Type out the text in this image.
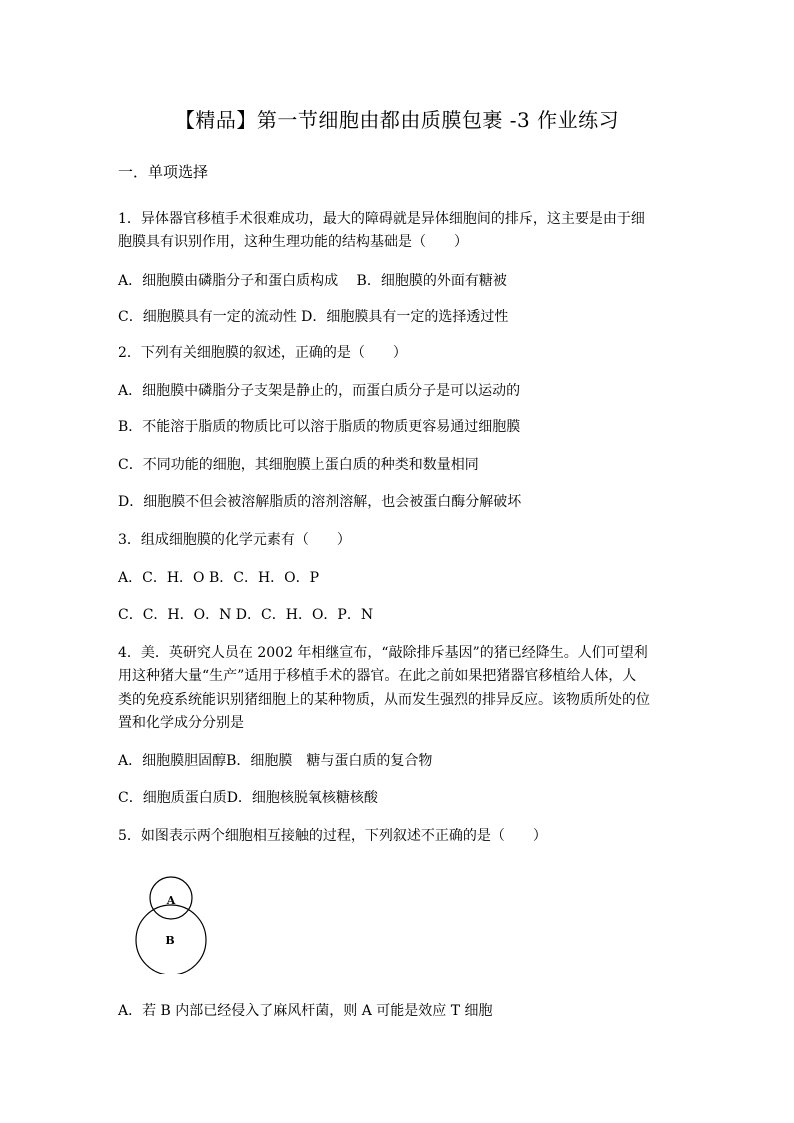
【精品】第一节细胞由都由质膜包裹 -3 作业练习
一．单项选择
1．异体器官移植手术很难成功，最大的障碍就是异体细胞间的排斥，这主要是由于细
胞膜具有识别作用，这种生理功能的结构基础是（　　）
A．细胞膜由磷脂分子和蛋白质构成　 B．细胞膜的外面有糖被
C．细胞膜具有一定的流动性 D．细胞膜具有一定的选择透过性
2．下列有关细胞膜的叙述，正确的是（　　）
A．细胞膜中磷脂分子支架是静止的，而蛋白质分子是可以运动的
B．不能溶于脂质的物质比可以溶于脂质的物质更容易通过细胞膜
C．不同功能的细胞，其细胞膜上蛋白质的种类和数量相同
D．细胞膜不但会被溶解脂质的溶剂溶解，也会被蛋白酶分解破坏
3．组成细胞膜的化学元素有（　　）
A．C．H．O B．C．H．O．P
C．C．H．O．N D．C．H．O．P．N
4．美．英研究人员在 2002 年相继宣布，“敲除排斥基因”的猪已经降生。人们可望利
用这种猪大量“生产”适用于移植手术的器官。在此之前如果把猪器官移植给人体，人
类的免疫系统能识别猪细胞上的某种物质，从而发生强烈的排异反应。该物质所处的位
置和化学成分分别是
A．细胞膜胆固醇B．细胞膜　糖与蛋白质的复合物
C．细胞质蛋白质D．细胞核脱氧核糖核酸
5．如图表示两个细胞相互接触的过程，下列叙述不正确的是（　　）
A
B
A．若 B 内部已经侵入了麻风杆菌，则 A 可能是效应 T 细胞
